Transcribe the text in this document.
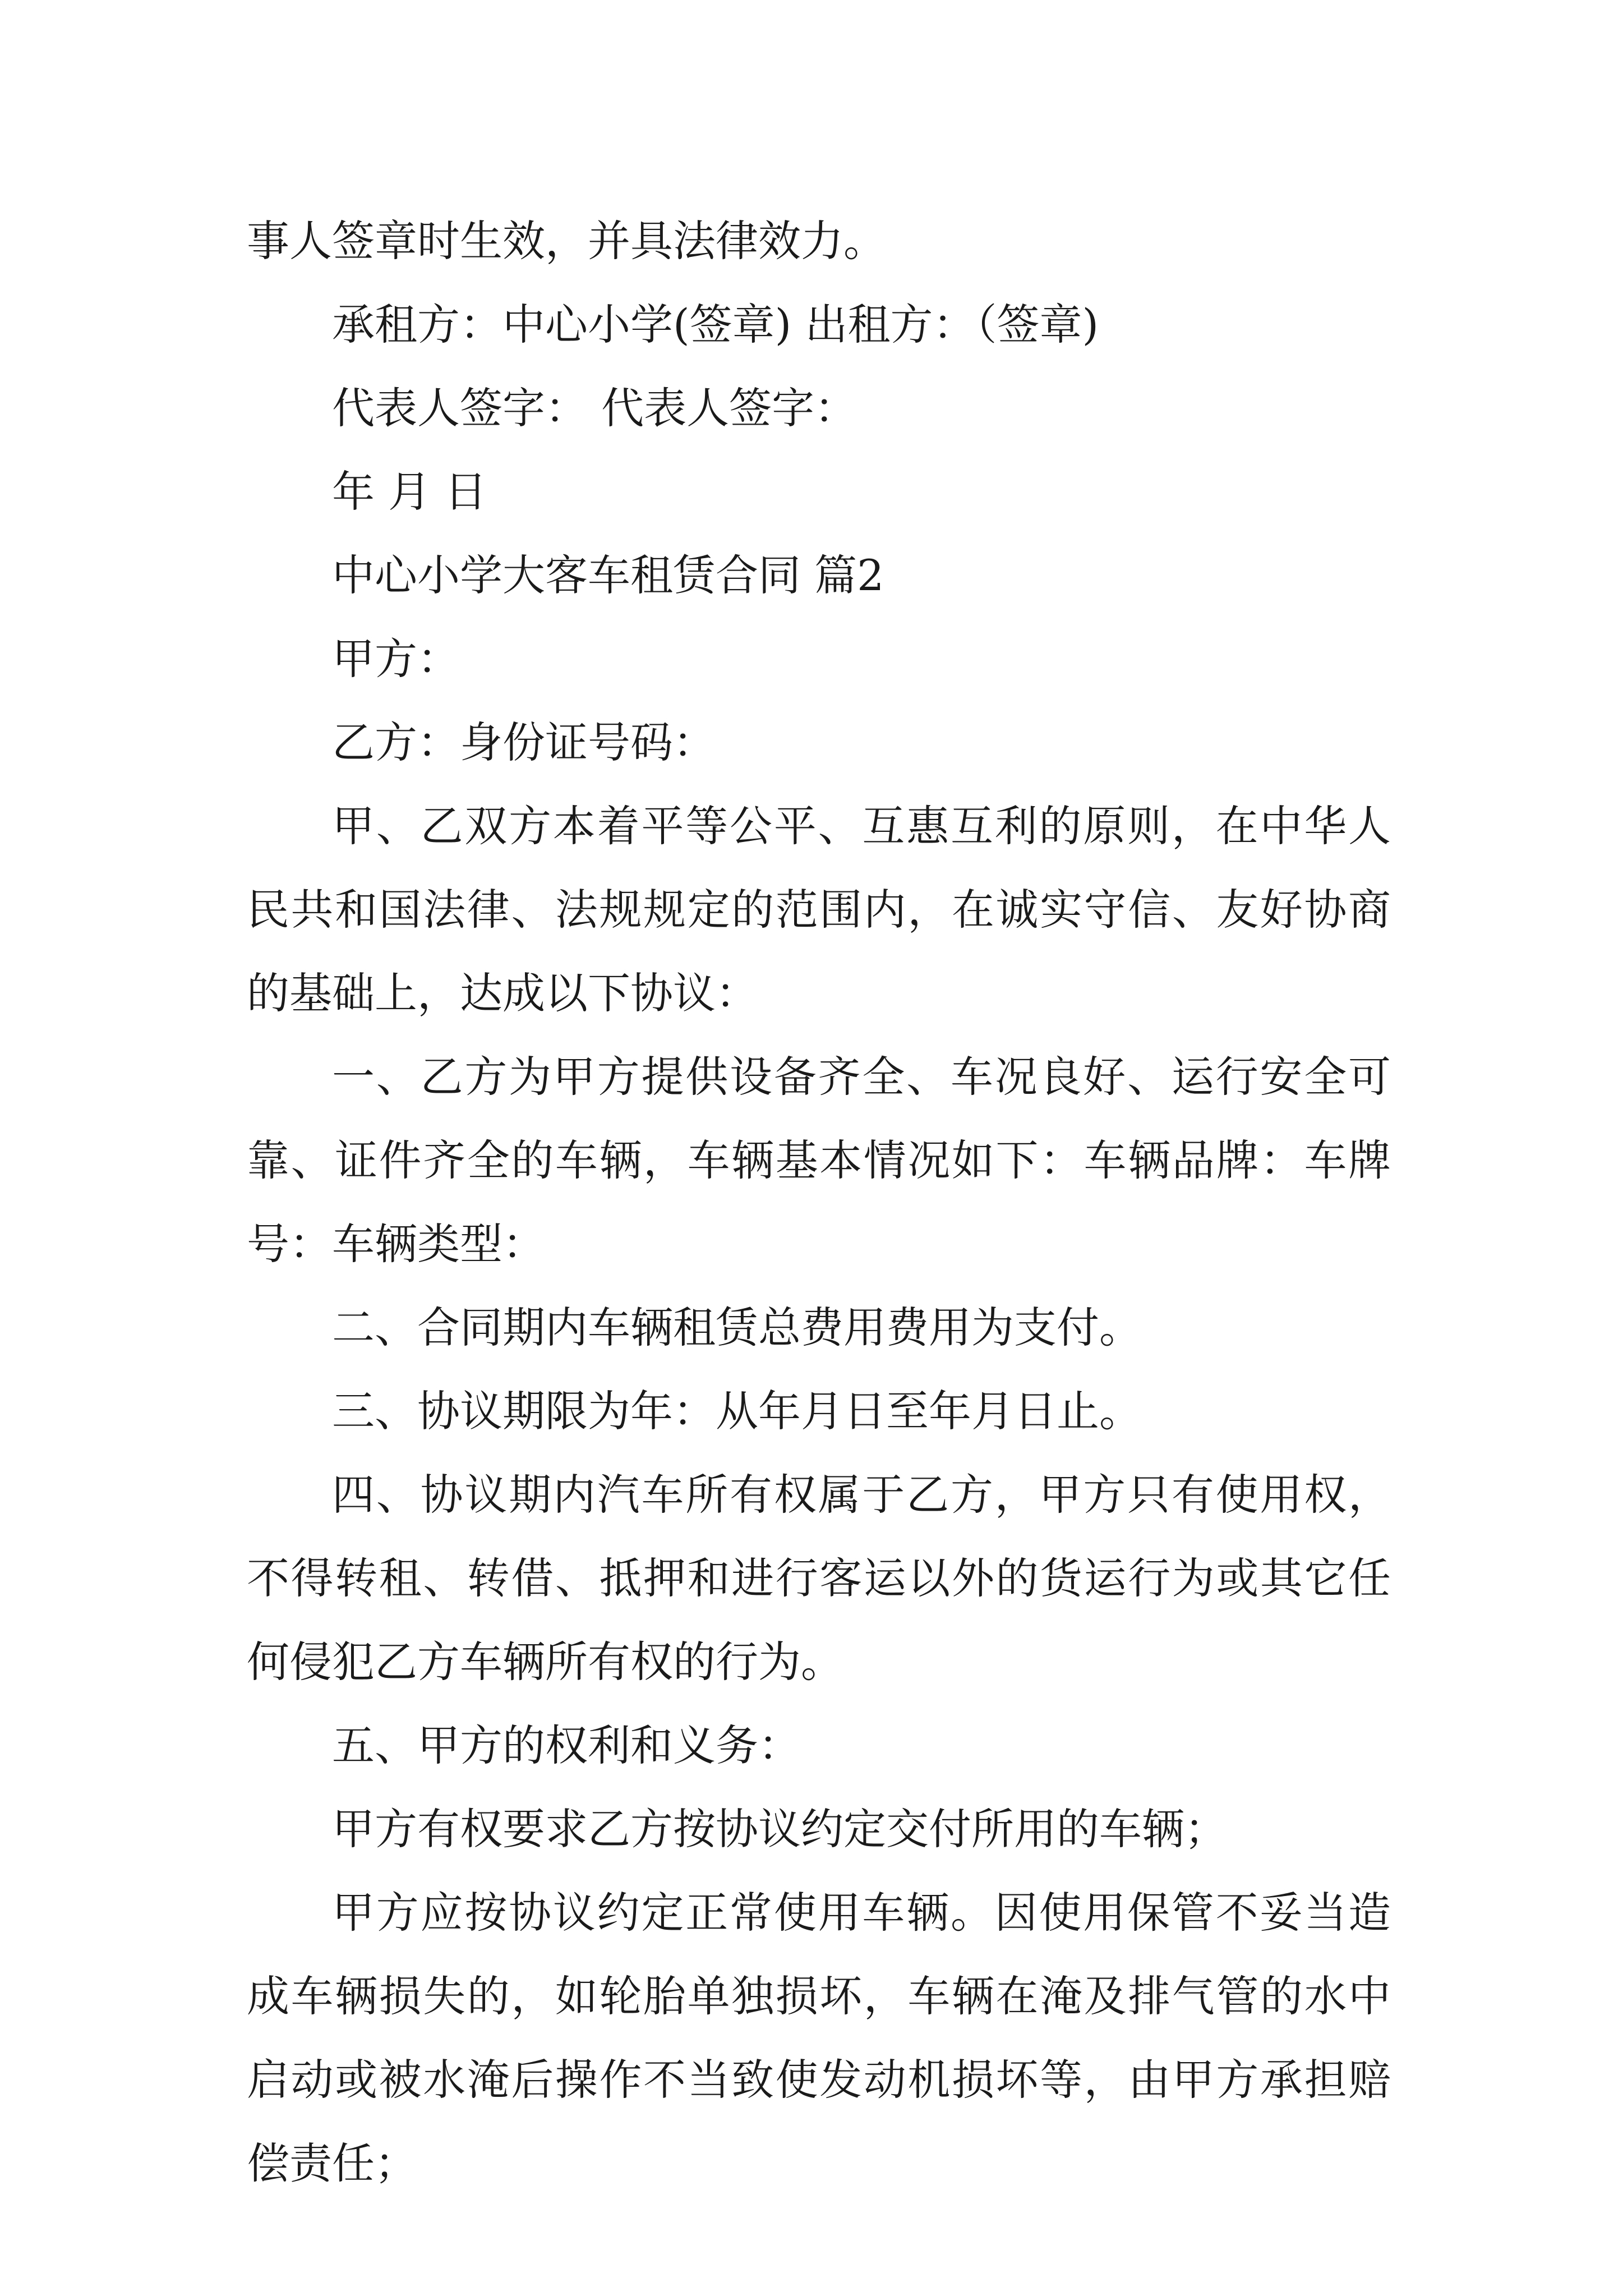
事人签章时生效，并具法律效力。

承租方：中心小学(签章) 出租方：（签章)

代表人签字： 代表人签字：

年 月 日

中心小学大客车租赁合同 篇2

甲方：

乙方：身份证号码：

甲、乙双方本着平等公平、互惠互利的原则，在中华人民共和国法律、法规规定的范围内，在诚实守信、友好协商的基础上，达成以下协议：

一、乙方为甲方提供设备齐全、车况良好、运行安全可靠、证件齐全的车辆，车辆基本情况如下：车辆品牌：车牌号：车辆类型：

二、合同期内车辆租赁总费用费用为支付。

三、协议期限为年：从年月日至年月日止。

四、协议期内汽车所有权属于乙方，甲方只有使用权，不得转租、转借、抵押和进行客运以外的货运行为或其它任何侵犯乙方车辆所有权的行为。

五、甲方的权利和义务：

甲方有权要求乙方按协议约定交付所用的车辆；

甲方应按协议约定正常使用车辆。因使用保管不妥当造成车辆损失的，如轮胎单独损坏，车辆在淹及排气管的水中启动或被水淹后操作不当致使发动机损坏等，由甲方承担赔偿责任；
